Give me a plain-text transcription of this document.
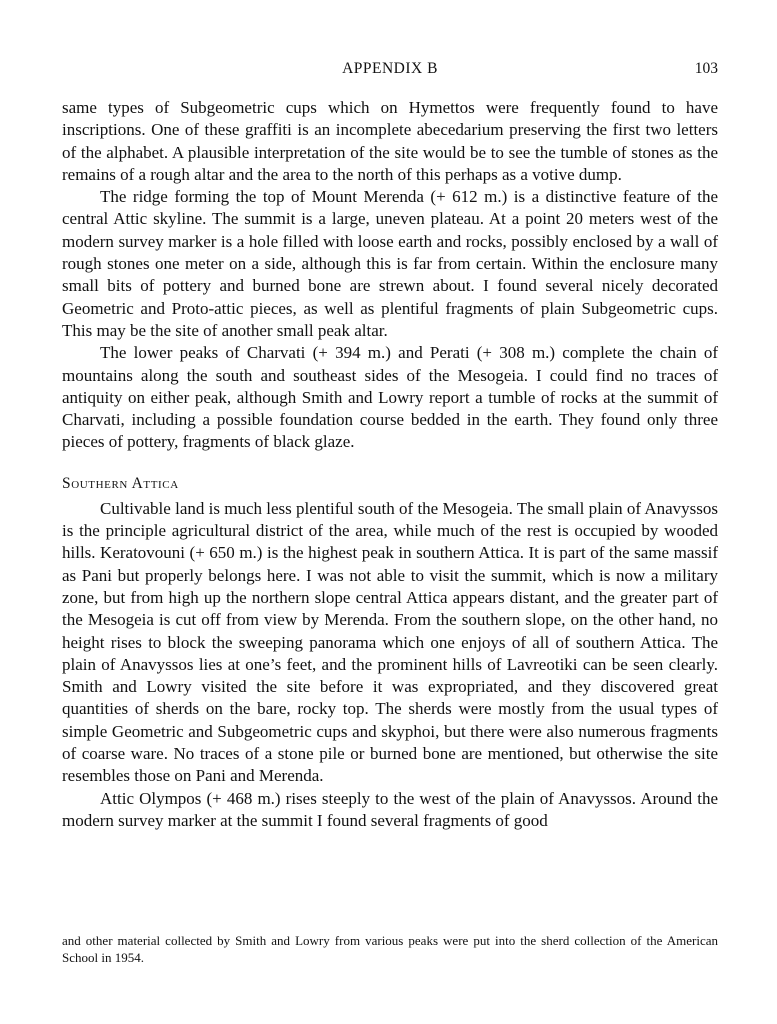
APPENDIX B	103

same types of Subgeometric cups which on Hymettos were frequently found to have inscriptions. One of these graffiti is an incomplete abecedarium preserving the first two letters of the alphabet. A plausible interpretation of the site would be to see the tumble of stones as the remains of a rough altar and the area to the north of this perhaps as a votive dump.

The ridge forming the top of Mount Merenda (+ 612 m.) is a distinctive feature of the central Attic skyline. The summit is a large, uneven plateau. At a point 20 meters west of the modern survey marker is a hole filled with loose earth and rocks, possibly enclosed by a wall of rough stones one meter on a side, although this is far from certain. Within the enclosure many small bits of pottery and burned bone are strewn about. I found several nicely decorated Geometric and Proto-attic pieces, as well as plentiful fragments of plain Subgeometric cups. This may be the site of another small peak altar.

The lower peaks of Charvati (+ 394 m.) and Perati (+ 308 m.) complete the chain of mountains along the south and southeast sides of the Mesogeia. I could find no traces of antiquity on either peak, although Smith and Lowry report a tumble of rocks at the summit of Charvati, including a possible foundation course bedded in the earth. They found only three pieces of pottery, fragments of black glaze.

Southern Attica

Cultivable land is much less plentiful south of the Mesogeia. The small plain of Anavyssos is the principle agricultural district of the area, while much of the rest is occupied by wooded hills. Keratovouni (+ 650 m.) is the highest peak in southern Attica. It is part of the same massif as Pani but properly belongs here. I was not able to visit the summit, which is now a military zone, but from high up the northern slope central Attica appears distant, and the greater part of the Mesogeia is cut off from view by Merenda. From the southern slope, on the other hand, no height rises to block the sweeping panorama which one enjoys of all of southern Attica. The plain of Anavyssos lies at one’s feet, and the prominent hills of Lavreotiki can be seen clearly. Smith and Lowry visited the site before it was expropriated, and they discovered great quantities of sherds on the bare, rocky top. The sherds were mostly from the usual types of simple Geometric and Subgeometric cups and skyphoi, but there were also numerous fragments of coarse ware. No traces of a stone pile or burned bone are mentioned, but otherwise the site resembles those on Pani and Merenda.

Attic Olympos (+ 468 m.) rises steeply to the west of the plain of Anavyssos. Around the modern survey marker at the summit I found several fragments of good

and other material collected by Smith and Lowry from various peaks were put into the sherd collection of the American School in 1954.
